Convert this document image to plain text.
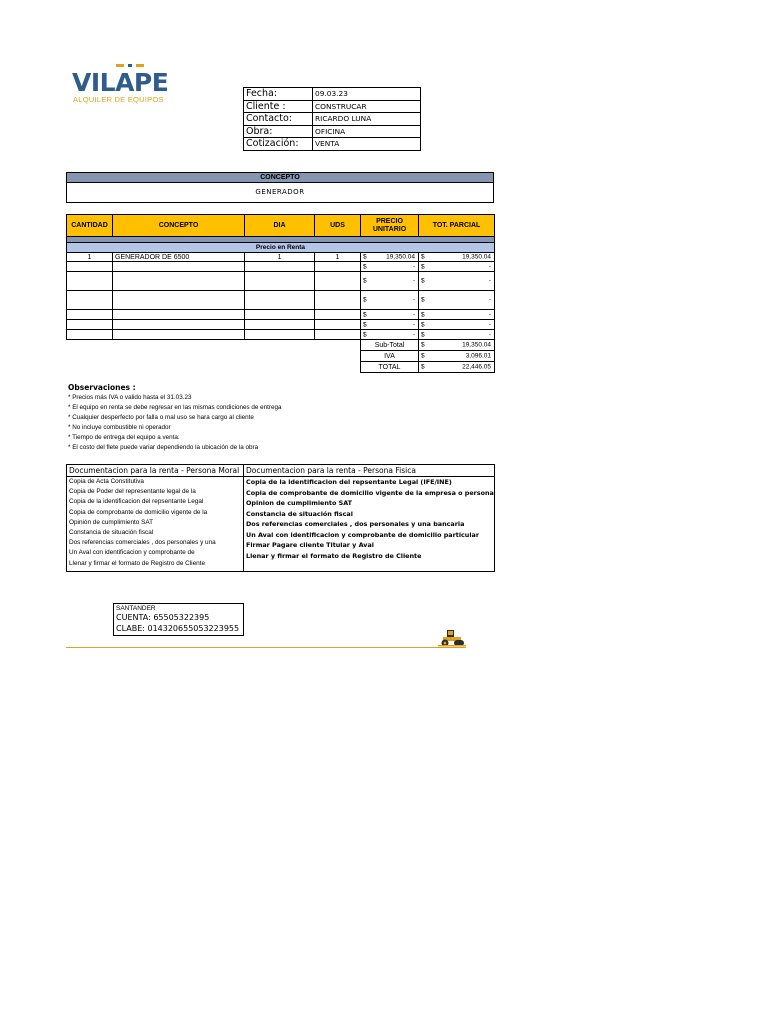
VILAPE
ALQUILER DE EQUIPOS
Fecha:	09.03.23
Cliente :	CONSTRUCAR
Contacto:	RICARDO LUNA
Obra:	OFICINA
Cotización:	VENTA
CONCEPTO
GENERADOR
CANTIDAD	CONCEPTO	DIA	UDS	PRECIO UNITARIO	TOT. PARCIAL

Precio en Renta					
1	GENERADOR DE 6500	1	1	$ 19,350.04	$ 19,350.04

				$ -	$ -

				$ -	$ -

				$ -	$ -

				$ -	$ -

				$ -	$ -

				$ -	$ -

				Sub-Total	$ 19,350.04

				IVA	$ 3,096.01

				TOTAL	$ 22,446.05
Observaciones :
* Precios más IVA o valido hasta el 31.03.23
* El equipo en renta se debe regresar en las mismas condiciones de entrega
* Cualquier desperfecto por falla o mal uso se hara cargo al cliente
* No incluye combustible ni operador
* Tiempo de entrega del equipo a venta:
* El costo del flete puede variar dependiendo la ubicación de la obra
Documentacion para la renta - Persona Moral
Copia de Acta Constitutiva
Copia de Poder del representante legal de la
Copia de la identificacion del repsentante Legal
Copia de comprobante de domicilio vigente de la
Opinión de cumplimiento SAT
Constancia de situación fiscal
Dos referencias comerciales , dos personales y una
Un Aval con identificacion y comprobante de
Llenar y firmar el formato de Registro de Cliente
Documentacion para la renta - Persona Fisica
Copia de la identificacion del repsentante Legal (IFE/INE)
Copia de comprobante de domicilio vigente de la empresa o persona
Opinion de cumplimiento SAT
Constancia de situación fiscal
Dos referencias comerciales , dos personales y una bancaria
Un Aval con identificacion y comprobante de domicilio particular
Firmar Pagare cliente Titular y Aval
Llenar y firmar el formato de Registro de Cliente
SANTANDER
CUENTA: 65505322395
CLABE: 014320655053223955
